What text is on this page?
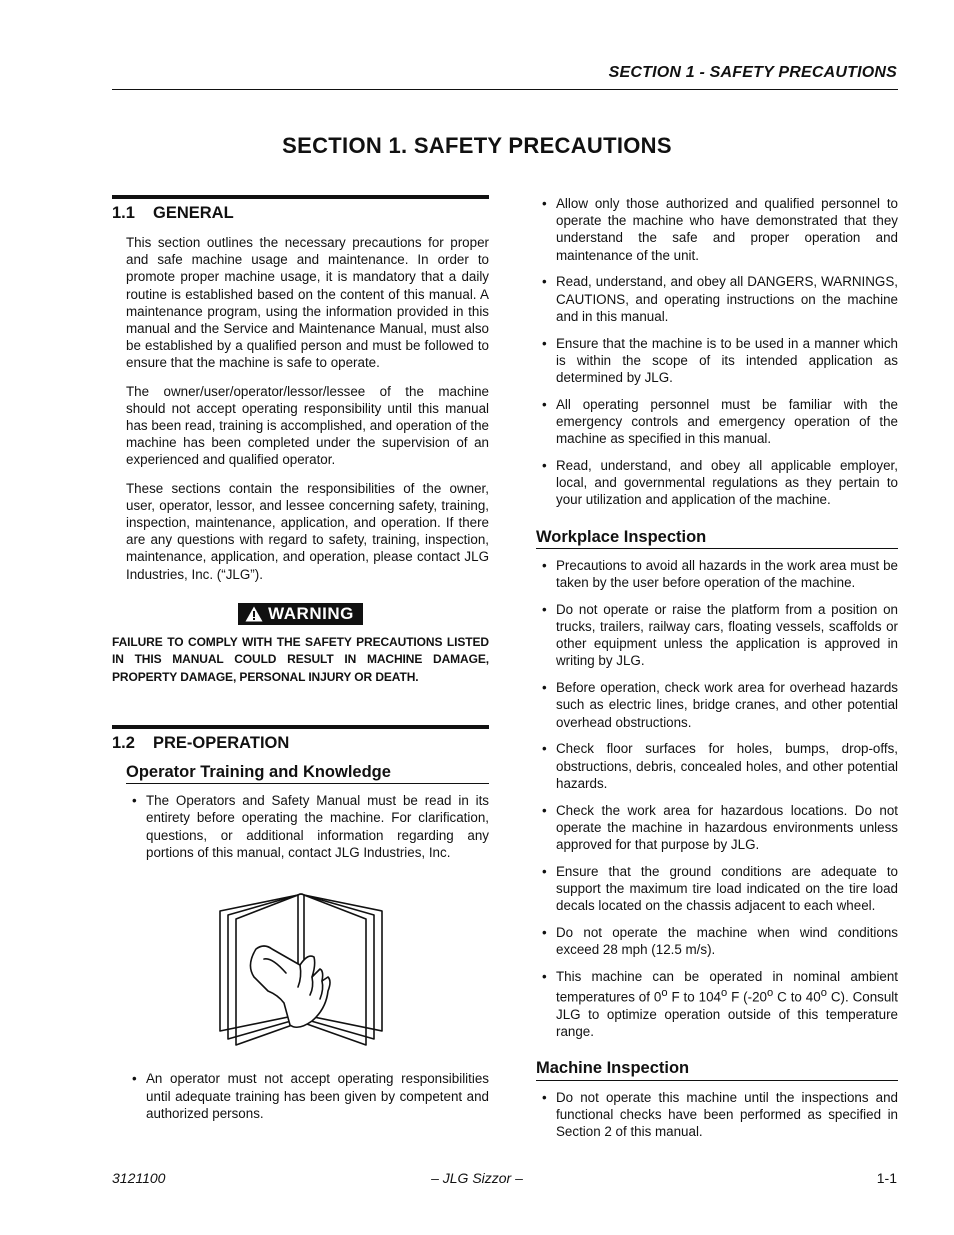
SECTION 1 - SAFETY PRECAUTIONS
SECTION 1. SAFETY PRECAUTIONS
1.1 GENERAL

This section outlines the necessary precautions for proper and safe machine usage and maintenance. In order to promote proper machine usage, it is mandatory that a daily routine is established based on the content of this manual. A maintenance program, using the information provided in this manual and the Service and Maintenance Manual, must also be established by a qualified person and must be followed to ensure that the machine is safe to operate.

The owner/user/operator/lessor/lessee of the machine should not accept operating responsibility until this manual has been read, training is accomplished, and operation of the machine has been completed under the supervision of an experienced and qualified operator.

These sections contain the responsibilities of the owner, user, operator, lessor, and lessee concerning safety, training, inspection, maintenance, application, and operation. If there are any questions with regard to safety, training, inspection, maintenance, application, and operation, please contact JLG Industries, Inc. (“JLG”).

WARNING
FAILURE TO COMPLY WITH THE SAFETY PRECAUTIONS LISTED IN THIS MANUAL COULD RESULT IN MACHINE DAMAGE, PROPERTY DAMAGE, PERSONAL INJURY OR DEATH.
1.2 PRE-OPERATION
Operator Training and Knowledge
• The Operators and Safety Manual must be read in its entirety before operating the machine. For clarification, questions, or additional information regarding any portions of this manual, contact JLG Industries, Inc.
• An operator must not accept operating responsibilities until adequate training has been given by competent and authorized persons.
• Allow only those authorized and qualified personnel to operate the machine who have demonstrated that they understand the safe and proper operation and maintenance of the unit.
• Read, understand, and obey all DANGERS, WARNINGS, CAUTIONS, and operating instructions on the machine and in this manual.
• Ensure that the machine is to be used in a manner which is within the scope of its intended application as determined by JLG.
• All operating personnel must be familiar with the emergency controls and emergency operation of the machine as specified in this manual.
• Read, understand, and obey all applicable employer, local, and governmental regulations as they pertain to your utilization and application of the machine.
Workplace Inspection
• Precautions to avoid all hazards in the work area must be taken by the user before operation of the machine.
• Do not operate or raise the platform from a position on trucks, trailers, railway cars, floating vessels, scaffolds or other equipment unless the application is approved in writing by JLG.
• Before operation, check work area for overhead hazards such as electric lines, bridge cranes, and other potential overhead obstructions.
• Check floor surfaces for holes, bumps, drop-offs, obstructions, debris, concealed holes, and other potential hazards.
• Check the work area for hazardous locations. Do not operate the machine in hazardous environments unless approved for that purpose by JLG.
• Ensure that the ground conditions are adequate to support the maximum tire load indicated on the tire load decals located on the chassis adjacent to each wheel.
• Do not operate the machine when wind conditions exceed 28 mph (12.5 m/s).
• This machine can be operated in nominal ambient temperatures of 0$^o$ F to 104$^o$ F (-20$^o$ C to 40$^o$ C). Consult JLG to optimize operation outside of this temperature range.
Machine Inspection
• Do not operate this machine until the inspections and functional checks have been performed as specified in Section 2 of this manual.
3121100	– JLG Sizzor –	1-1
